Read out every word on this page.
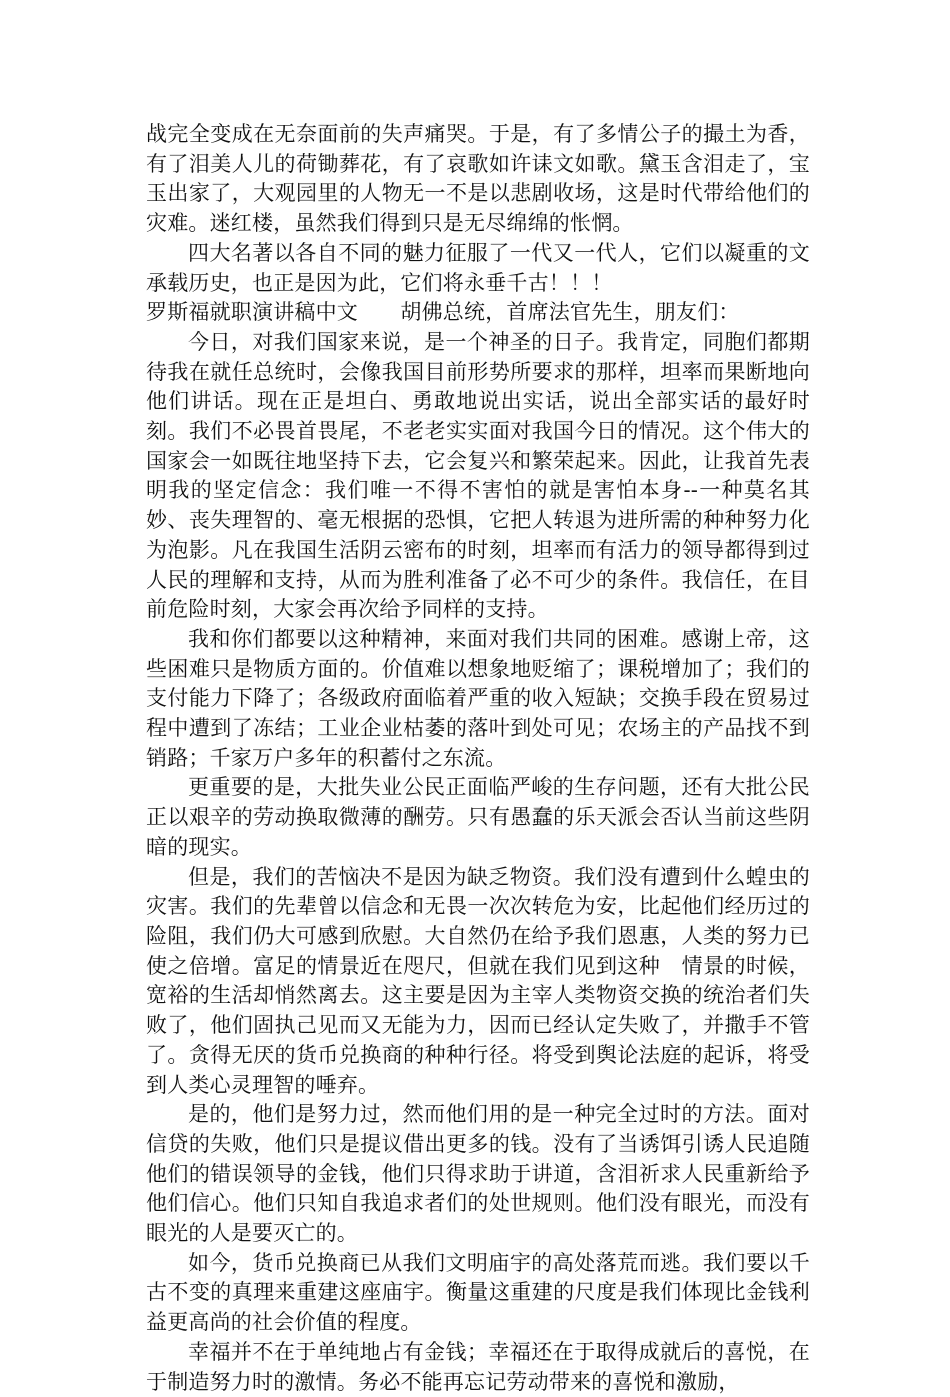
战完全变成在无奈面前的失声痛哭。于是，有了多情公子的撮土为香，有了泪美人儿的荷锄葬花，有了哀歌如许诔文如歌。黛玉含泪走了，宝玉出家了，大观园里的人物无一不是以悲剧收场，这是时代带给他们的灾难。迷红楼，虽然我们得到只是无尽绵绵的怅惘。

四大名著以各自不同的魅力征服了一代又一代人，它们以凝重的文承载历史，也正是因为此，它们将永垂千古！！！

罗斯福就职演讲稿中文　　 胡佛总统，首席法官先生，朋友们：

今日，对我们国家来说，是一个神圣的日子。我肯定，同胞们都期待我在就任总统时，会像我国目前形势所要求的那样，坦率而果断地向他们讲话。现在正是坦白、勇敢地说出实话，说出全部实话的最好时刻。我们不必畏首畏尾，不老老实实面对我国今日的情况。这个伟大的国家会一如既往地坚持下去，它会复兴和繁荣起来。因此，让我首先表明我的坚定信念：我们唯一不得不害怕的就是害怕本身--一种莫名其妙、丧失理智的、毫无根据的恐惧，它把人转退为进所需的种种努力化为泡影。凡在我国生活阴云密布的时刻，坦率而有活力的领导都得到过人民的理解和支持，从而为胜利准备了必不可少的条件。我信任，在目前危险时刻，大家会再次给予同样的支持。

我和你们都要以这种精神，来面对我们共同的困难。感谢上帝，这些困难只是物质方面的。价值难以想象地贬缩了；课税增加了；我们的支付能力下降了；各级政府面临着严重的收入短缺；交换手段在贸易过程中遭到了冻结；工业企业枯萎的落叶到处可见；农场主的产品找不到销路；千家万户多年的积蓄付之东流。

更重要的是，大批失业公民正面临严峻的生存问题，还有大批公民正以艰辛的劳动换取微薄的酬劳。只有愚蠢的乐天派会否认当前这些阴暗的现实。

但是，我们的苦恼决不是因为缺乏物资。我们没有遭到什么蝗虫的灾害。我们的先辈曾以信念和无畏一次次转危为安，比起他们经历过的险阻，我们仍大可感到欣慰。大自然仍在给予我们恩惠，人类的努力已使之倍增。富足的情景近在咫尺，但就在我们见到这种　情景的时候，宽裕的生活却悄然离去。这主要是因为主宰人类物资交换的统治者们失败了，他们固执己见而又无能为力，因而已经认定失败了，并撒手不管了。贪得无厌的货币兑换商的种种行径。将受到舆论法庭的起诉，将受到人类心灵理智的唾弃。

是的，他们是努力过，然而他们用的是一种完全过时的方法。面对信贷的失败，他们只是提议借出更多的钱。没有了当诱饵引诱人民追随他们的错误领导的金钱，他们只得求助于讲道，含泪祈求人民重新给予他们信心。他们只知自我追求者们的处世规则。他们没有眼光，而没有眼光的人是要灭亡的。

如今，货币兑换商已从我们文明庙宇的高处落荒而逃。我们要以千古不变的真理来重建这座庙宇。衡量这重建的尺度是我们体现比金钱利益更高尚的社会价值的程度。

幸福并不在于单纯地占有金钱；幸福还在于取得成就后的喜悦，在于制造努力时的激情。务必不能再忘记劳动带来的喜悦和激励，
